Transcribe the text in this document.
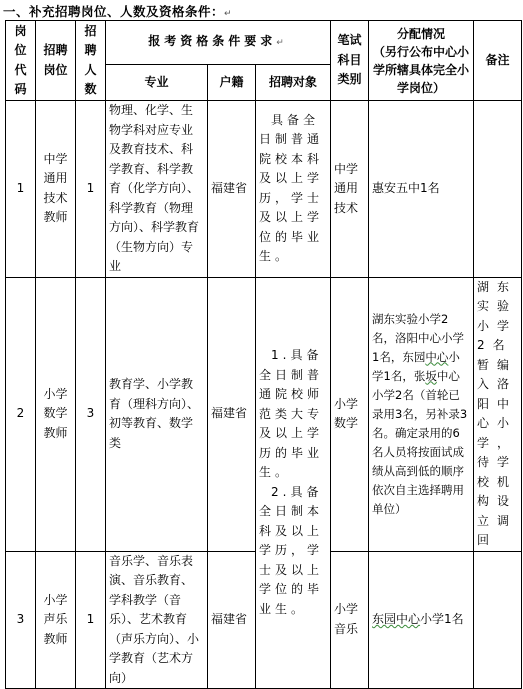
一、补充招聘岗位、人数及资格条件：↵
岗位代码	招聘岗位	招聘人数	报考资格条件要求↵			笔试科目类别	分配情况
（另行公布中心小学所辖具体完全小学岗位）	备注
			专业	户籍	招聘对象			
1	中学通用技术教师	1	物理、化学、生物学科对应专业及教育技术、科学教育、科学教育（化学方向）、科学教育（物理方向）、科学教育（生物方向）专业	福建省	具备全日制普通院校本科及以上学历，学士及以上学位的毕业生。	中学通用技术	惠安五中1名	
2	小学数学教师	3	教育学、小学教育（理科方向）、初等教育、数学类	福建省	1.具备全日制普通院校师范类大专及以上学历的毕业生。
2.具备全日制本科及以上学历，学士及以上学位的毕业生。	小学数学	湖东实验小学2名，洛阳中心小学1名，东园中心小学1名，张坂中心小学2名（首轮已录用3名，另补录3名。确定录用的6名人员将按面试成绩从高到低的顺序依次自主选择聘用单位）	湖东实验小学2名暂编入洛阳中心小学，待学校机构设立调回
3	小学声乐教师	1	音乐学、音乐表演、音乐教育、学科教学（音乐）、艺术教育（声乐方向）、小学教育（艺术方向）	福建省		小学音乐	东园中心小学1名	
